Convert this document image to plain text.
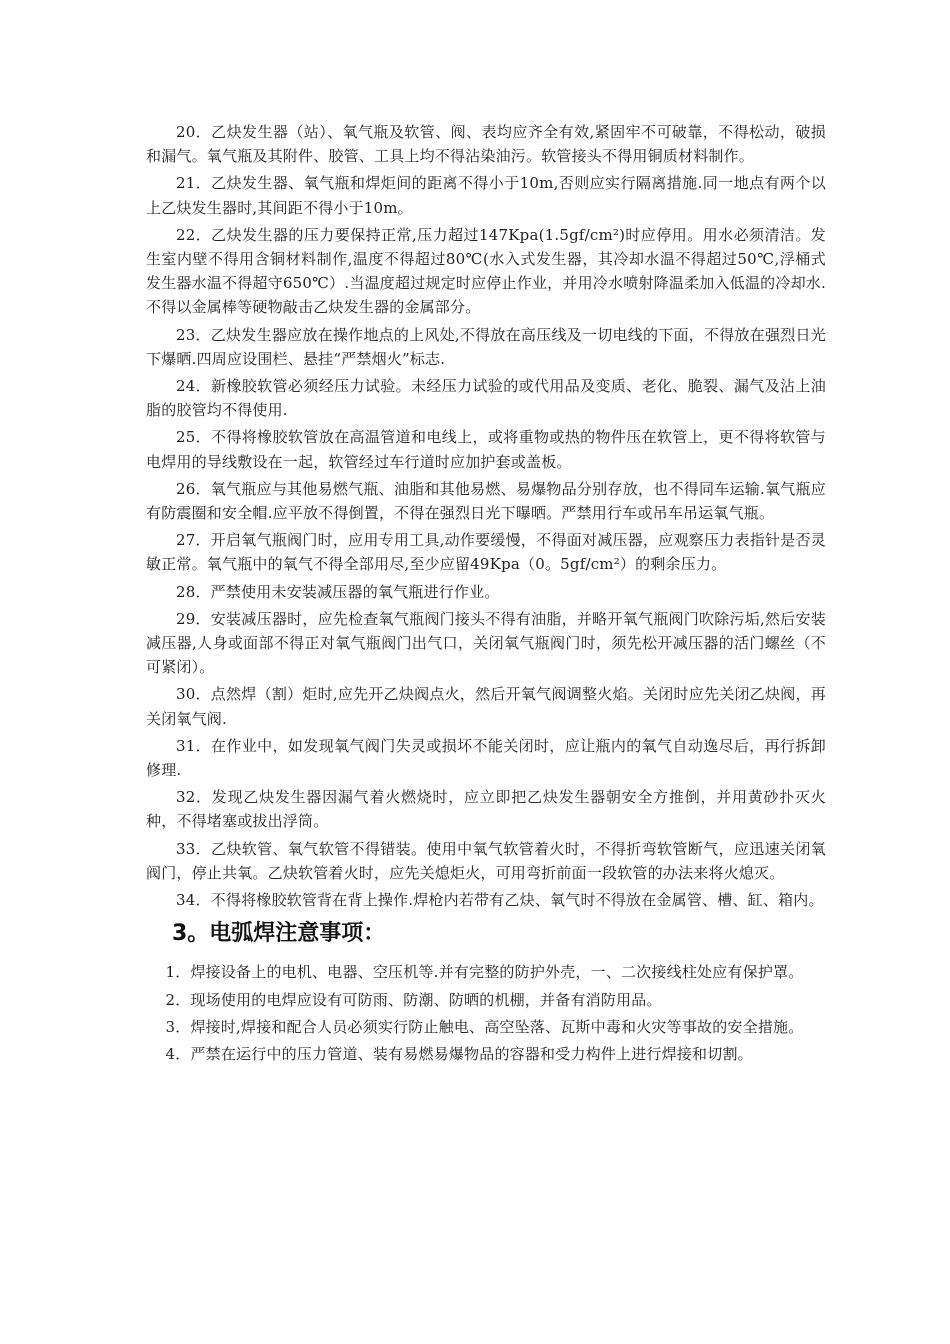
20．乙炔发生器（站）、氧气瓶及软管、阀、表均应齐全有效,紧固牢不可破靠，不得松动，破损和漏气。氧气瓶及其附件、胶管、工具上均不得沾染油污。软管接头不得用铜质材料制作。

21．乙炔发生器、氧气瓶和焊炬间的距离不得小于10m,否则应实行隔离措施.同一地点有两个以上乙炔发生器时,其间距不得小于10m。

22．乙炔发生器的压力要保持正常,压力超过147Kpa(1.5gf/cm²)时应停用。用水必须清洁。发生室内壁不得用含铜材料制作,温度不得超过80℃(水入式发生器，其冷却水温不得超过50℃,浮桶式发生器水温不得超守650℃）.当温度超过规定时应停止作业，并用冷水喷射降温柔加入低温的冷却水.不得以金属棒等硬物敲击乙炔发生器的金属部分。

23．乙炔发生器应放在操作地点的上风处,不得放在高压线及一切电线的下面，不得放在强烈日光下爆晒.四周应设围栏、悬挂“严禁烟火”标志.

24．新橡胶软管必须经压力试验。未经压力试验的或代用品及变质、老化、脆裂、漏气及沾上油脂的胶管均不得使用.

25．不得将橡胶软管放在高温管道和电线上，或将重物或热的物件压在软管上，更不得将软管与电焊用的导线敷设在一起，软管经过车行道时应加护套或盖板。

26．氧气瓶应与其他易燃气瓶、油脂和其他易燃、易爆物品分别存放，也不得同车运输.氧气瓶应有防震圈和安全帽.应平放不得倒置，不得在强烈日光下曝晒。严禁用行车或吊车吊运氧气瓶。

27．开启氧气瓶阀门时，应用专用工具,动作要缓慢，不得面对减压器，应观察压力表指针是否灵敏正常。氧气瓶中的氧气不得全部用尽,至少应留49Kpa（0。5gf/cm²）的剩余压力。

28．严禁使用未安装减压器的氧气瓶进行作业。

29．安装减压器时，应先检查氧气瓶阀门接头不得有油脂，并略开氧气瓶阀门吹除污垢,然后安装减压器,人身或面部不得正对氧气瓶阀门出气口，关闭氧气瓶阀门时，须先松开减压器的活门螺丝（不可紧闭）。

30．点然焊（割）炬时,应先开乙炔阀点火，然后开氧气阀调整火焰。关闭时应先关闭乙炔阀，再关闭氧气阀.

31．在作业中，如发现氧气阀门失灵或损坏不能关闭时，应让瓶内的氧气自动逸尽后，再行拆卸修理.

32．发现乙炔发生器因漏气着火燃烧时，应立即把乙炔发生器朝安全方推倒，并用黄砂扑灭火种，不得堵塞或拔出浮筒。

33．乙炔软管、氧气软管不得错装。使用中氧气软管着火时，不得折弯软管断气，应迅速关闭氧阀门，停止共氧。乙炔软管着火时，应先关熄炬火，可用弯折前面一段软管的办法来将火熄灭。

34．不得将橡胶软管背在背上操作.焊枪内若带有乙炔、氧气时不得放在金属管、槽、缸、箱内。

3。电弧焊注意事项：

1．焊接设备上的电机、电器、空压机等.并有完整的防护外壳，一、二次接线柱处应有保护罩。

2．现场使用的电焊应设有可防雨、防潮、防晒的机棚，并备有消防用品。

3．焊接时,焊接和配合人员必须实行防止触电、高空坠落、瓦斯中毒和火灾等事故的安全措施。

4．严禁在运行中的压力管道、装有易燃易爆物品的容器和受力构件上进行焊接和切割。
